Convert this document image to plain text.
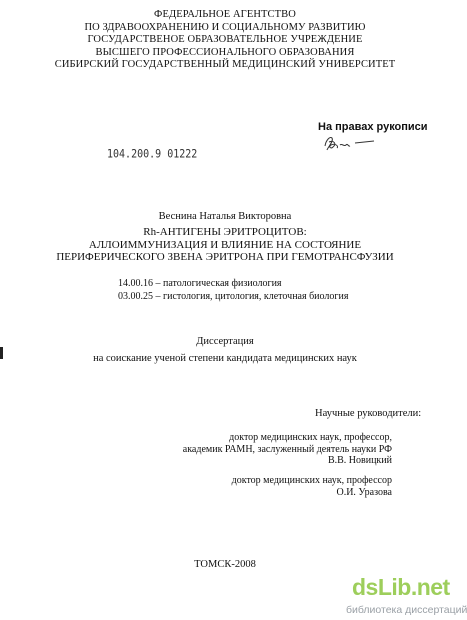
ФЕДЕРАЛЬНОЕ АГЕНТСТВО
ПО ЗДРАВООХРАНЕНИЮ И СОЦИАЛЬНОМУ РАЗВИТИЮ
ГОСУДАРСТВЕНОЕ ОБРАЗОВАТЕЛЬНОЕ УЧРЕЖДЕНИЕ
ВЫСШЕГО ПРОФЕССИОНАЛЬНОГО ОБРАЗОВАНИЯ
СИБИРСКИЙ ГОСУДАРСТВЕННЫЙ МЕДИЦИНСКИЙ УНИВЕРСИТЕТ
На правах рукописи
104.200.9 01222
Веснина Наталья Викторовна
Rh-АНТИГЕНЫ ЭРИТРОЦИТОВ:
АЛЛОИММУНИЗАЦИЯ И ВЛИЯНИЕ НА СОСТОЯНИЕ
ПЕРИФЕРИЧЕСКОГО ЗВЕНА ЭРИТРОНА ПРИ ГЕМОТРАНСФУЗИИ
14.00.16 – патологическая физиология
03.00.25 – гистология, цитология, клеточная биология
Диссертация
на соискание ученой степени кандидата медицинских наук
Научные руководители:
доктор медицинских наук, профессор,
академик РАМН, заслуженный деятель науки РФ
В.В. Новицкий
доктор медицинских наук, профессор
О.И. Уразова
ТОМСК-2008
dsLib.net
библиотека диссертаций
